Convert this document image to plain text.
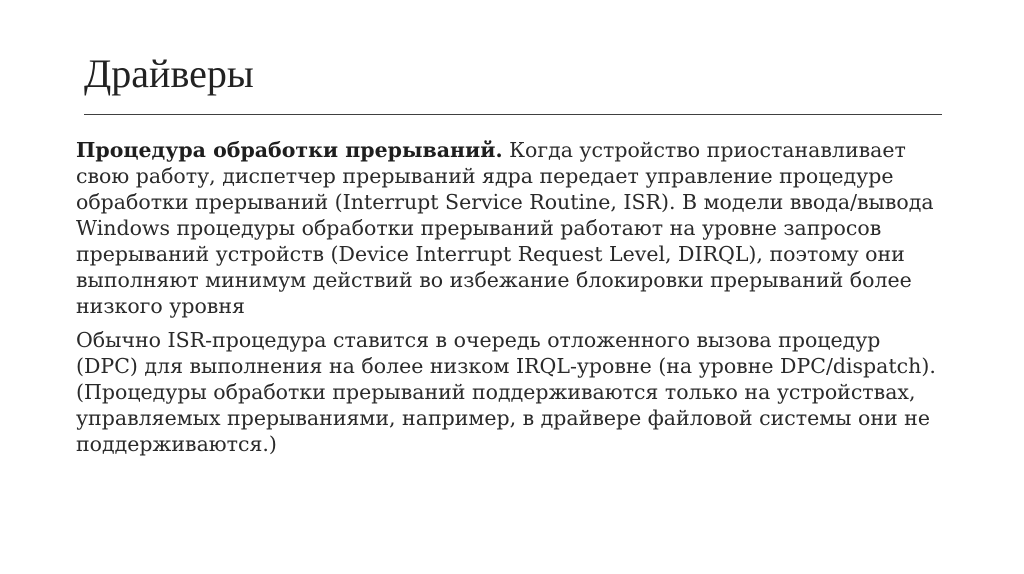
Драйверы

Процедура обработки прерываний. Когда устройство приостанавливает свою работу, диспетчер прерываний ядра передает управление процедуре обработки прерываний (Interrupt Service Routine, ISR). В модели ввода/вывода Windows процедуры обработки прерываний работают на уровне запросов прерываний устройств (Device Interrupt Request Level, DIRQL), поэтому они выполняют минимум действий во избежание блокировки прерываний более низкого уровня

Обычно ISR-процедура ставится в очередь отложенного вызова процедур (DPC) для выполнения на более низком IRQL-уровне (на уровне DPC/dispatch). (Процедуры обработки прерываний поддерживаются только на устройствах, управляемых прерываниями, например, в драйвере файловой системы они не поддерживаются.)
